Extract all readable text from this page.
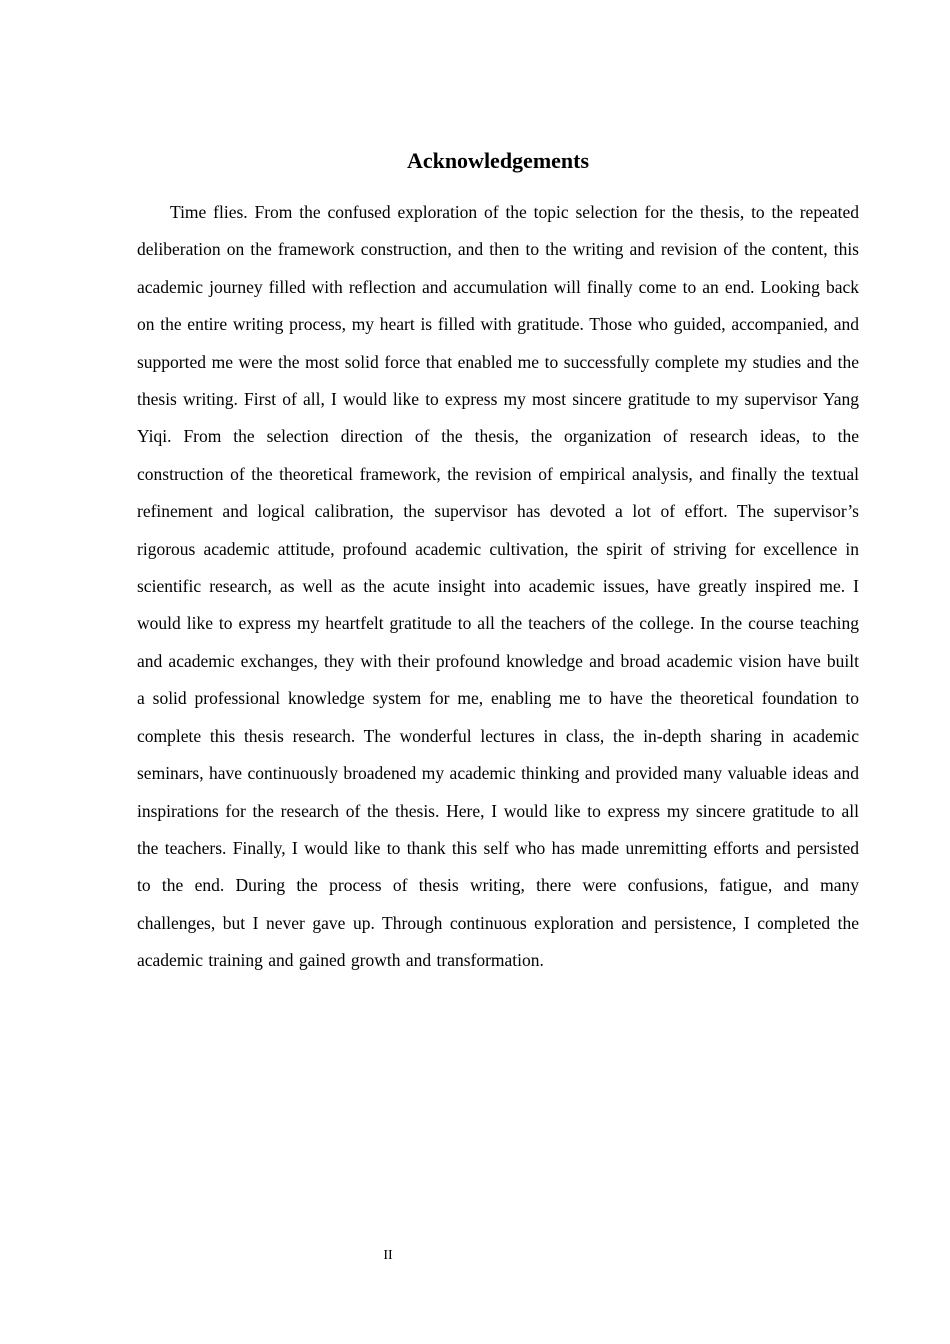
Acknowledgements

Time flies. From the confused exploration of the topic selection for the thesis, to the repeated deliberation on the framework construction, and then to the writing and revision of the content, this academic journey filled with reflection and accumulation will finally come to an end. Looking back on the entire writing process, my heart is filled with gratitude. Those who guided, accompanied, and supported me were the most solid force that enabled me to successfully complete my studies and the thesis writing. First of all, I would like to express my most sincere gratitude to my supervisor Yang Yiqi. From the selection direction of the thesis, the organization of research ideas, to the construction of the theoretical framework, the revision of empirical analysis, and finally the textual refinement and logical calibration, the supervisor has devoted a lot of effort. The supervisor’s rigorous academic attitude, profound academic cultivation, the spirit of striving for excellence in scientific research, as well as the acute insight into academic issues, have greatly inspired me. I would like to express my heartfelt gratitude to all the teachers of the college. In the course teaching and academic exchanges, they with their profound knowledge and broad academic vision have built a solid professional knowledge system for me, enabling me to have the theoretical foundation to complete this thesis research. The wonderful lectures in class, the in-depth sharing in academic seminars, have continuously broadened my academic thinking and provided many valuable ideas and inspirations for the research of the thesis. Here, I would like to express my sincere gratitude to all the teachers. Finally, I would like to thank this self who has made unremitting efforts and persisted to the end. During the process of thesis writing, there were confusions, fatigue, and many challenges, but I never gave up. Through continuous exploration and persistence, I completed the academic training and gained growth and transformation.

II
